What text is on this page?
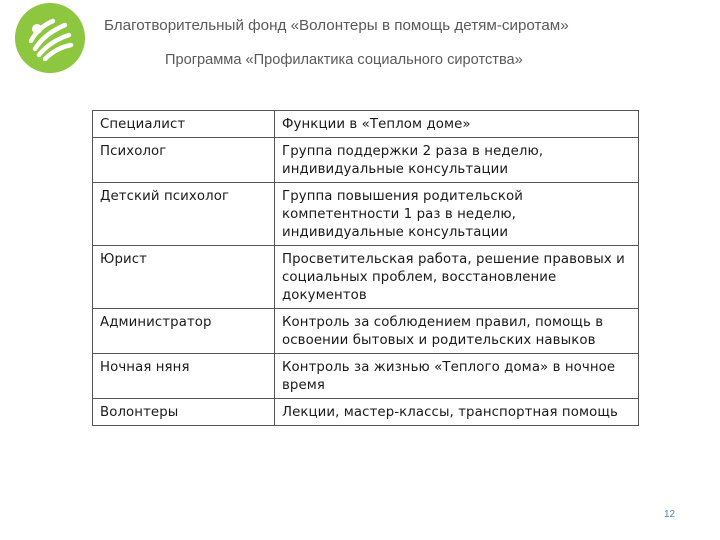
Благотворительный фонд «Волонтеры в помощь детям-сиротам»
Программа «Профилактика социального сиротства»
Специалист	Функции в «Теплом доме»
Психолог	Группа поддержки 2 раза в неделю, индивидуальные консультации
Детский психолог	Группа повышения родительской компетентности 1 раз в неделю, индивидуальные консультации
Юрист	Просветительская работа, решение правовых и социальных проблем, восстановление документов
Администратор	Контроль за соблюдением правил, помощь в освоении бытовых и родительских навыков
Ночная няня	Контроль за жизнью «Теплого дома» в ночное время
Волонтеры	Лекции, мастер-классы, транспортная помощь
12
